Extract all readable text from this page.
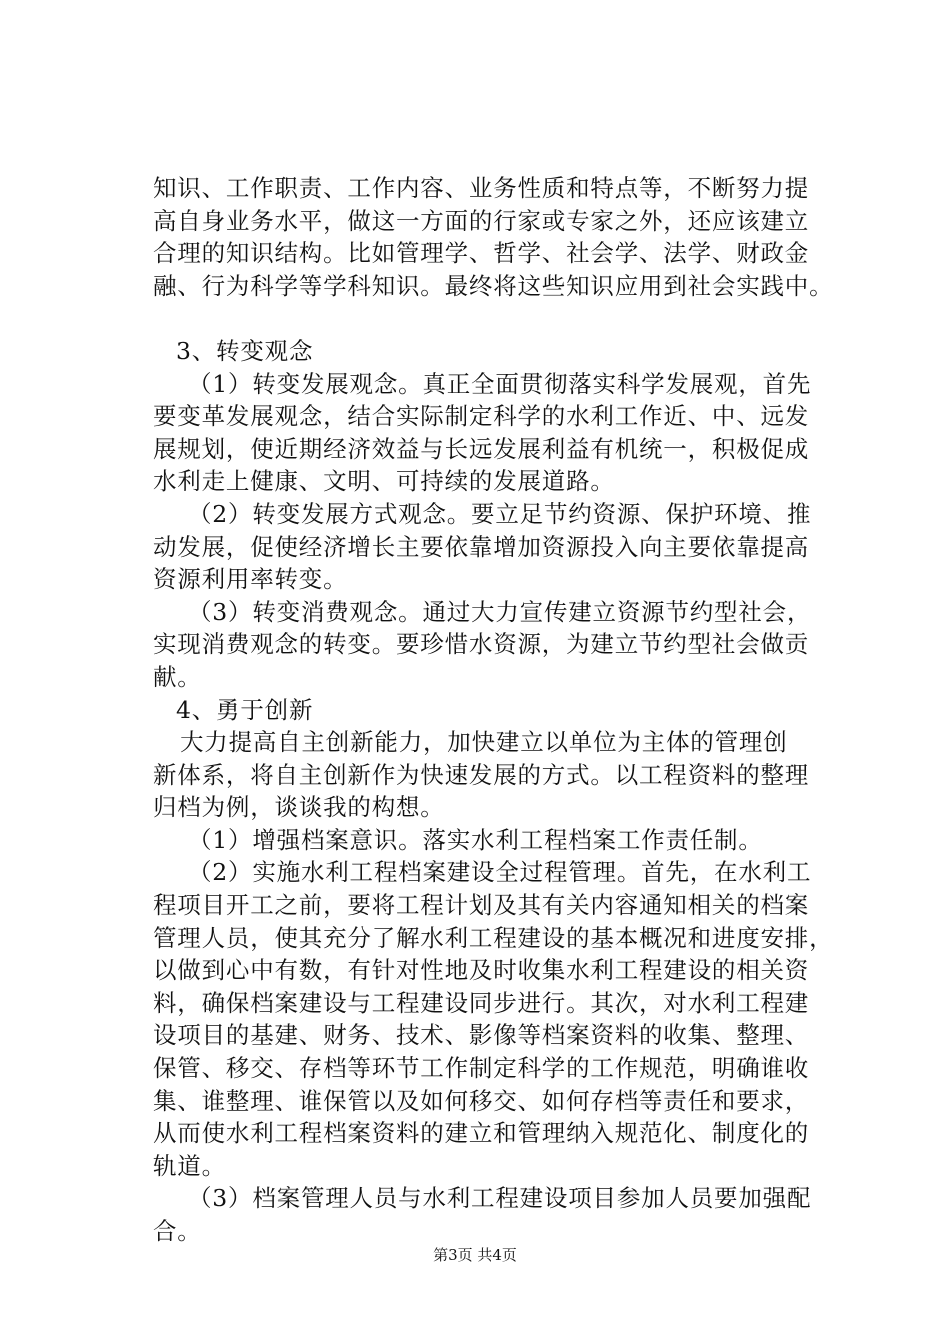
知识、工作职责、工作内容、业务性质和特点等，不断努力提
高自身业务水平，做这一方面的行家或专家之外，还应该建立
合理的知识结构。比如管理学、哲学、社会学、法学、财政金
融、行为科学等学科知识。最终将这些知识应用到社会实践中。
3、转变观念
（1）转变发展观念。真正全面贯彻落实科学发展观，首先
要变革发展观念，结合实际制定科学的水利工作近、中、远发
展规划，使近期经济效益与长远发展利益有机统一，积极促成
水利走上健康、文明、可持续的发展道路。
（2）转变发展方式观念。要立足节约资源、保护环境、推
动发展，促使经济增长主要依靠增加资源投入向主要依靠提高
资源利用率转变。
（3）转变消费观念。通过大力宣传建立资源节约型社会，
实现消费观念的转变。要珍惜水资源，为建立节约型社会做贡
献。
4、勇于创新
大力提高自主创新能力，加快建立以单位为主体的管理创
新体系，将自主创新作为快速发展的方式。以工程资料的整理
归档为例，谈谈我的构想。
（1）增强档案意识。落实水利工程档案工作责任制。
（2）实施水利工程档案建设全过程管理。首先，在水利工
程项目开工之前，要将工程计划及其有关内容通知相关的档案
管理人员，使其充分了解水利工程建设的基本概况和进度安排，
以做到心中有数，有针对性地及时收集水利工程建设的相关资
料，确保档案建设与工程建设同步进行。其次，对水利工程建
设项目的基建、财务、技术、影像等档案资料的收集、整理、
保管、移交、存档等环节工作制定科学的工作规范，明确谁收
集、谁整理、谁保管以及如何移交、如何存档等责任和要求，
从而使水利工程档案资料的建立和管理纳入规范化、制度化的
轨道。
（3）档案管理人员与水利工程建设项目参加人员要加强配
合。
第3页 共4页
